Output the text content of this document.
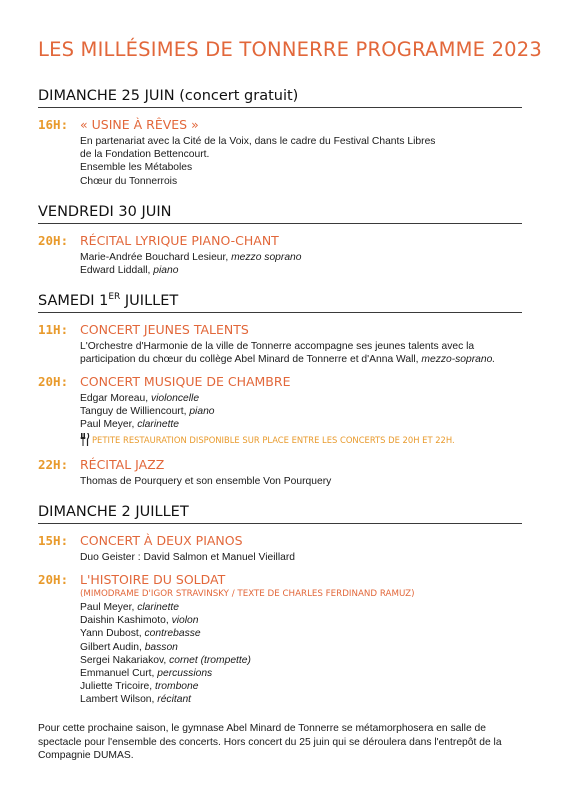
LES MILLÉSIMES DE TONNERRE PROGRAMME 2023
DIMANCHE 25 JUIN (concert gratuit)
16H: « USINE À RÊVES »
En partenariat avec la Cité de la Voix, dans le cadre du Festival Chants Libres
de la Fondation Bettencourt.
Ensemble les Métaboles
Chœur du Tonnerrois
VENDREDI 30 JUIN
20H: RÉCITAL LYRIQUE PIANO-CHANT
Marie-Andrée Bouchard Lesieur, mezzo soprano
Edward Liddall, piano
SAMEDI 1ER JUILLET
11H: CONCERT JEUNES TALENTS
L'Orchestre d'Harmonie de la ville de Tonnerre accompagne ses jeunes talents avec la
participation du chœur du collège Abel Minard de Tonnerre et d'Anna Wall, mezzo-soprano.
20H: CONCERT MUSIQUE DE CHAMBRE
Edgar Moreau, violoncelle
Tanguy de Williencourt, piano
Paul Meyer, clarinette
PETITE RESTAURATION DISPONIBLE SUR PLACE ENTRE LES CONCERTS DE 20H ET 22H.
22H: RÉCITAL JAZZ
Thomas de Pourquery et son ensemble Von Pourquery
DIMANCHE 2 JUILLET
15H: CONCERT À DEUX PIANOS
Duo Geister : David Salmon et Manuel Vieillard
20H: L'HISTOIRE DU SOLDAT
(MIMODRAME D'IGOR STRAVINSKY / TEXTE DE CHARLES FERDINAND RAMUZ)
Paul Meyer, clarinette
Daishin Kashimoto, violon
Yann Dubost, contrebasse
Gilbert Audin, basson
Sergei Nakariakov, cornet (trompette)
Emmanuel Curt, percussions
Juliette Tricoire, trombone
Lambert Wilson, récitant
Pour cette prochaine saison, le gymnase Abel Minard de Tonnerre se métamorphosera en salle de spectacle pour l'ensemble des concerts. Hors concert du 25 juin qui se déroulera dans l'entrepôt de la Compagnie DUMAS.
